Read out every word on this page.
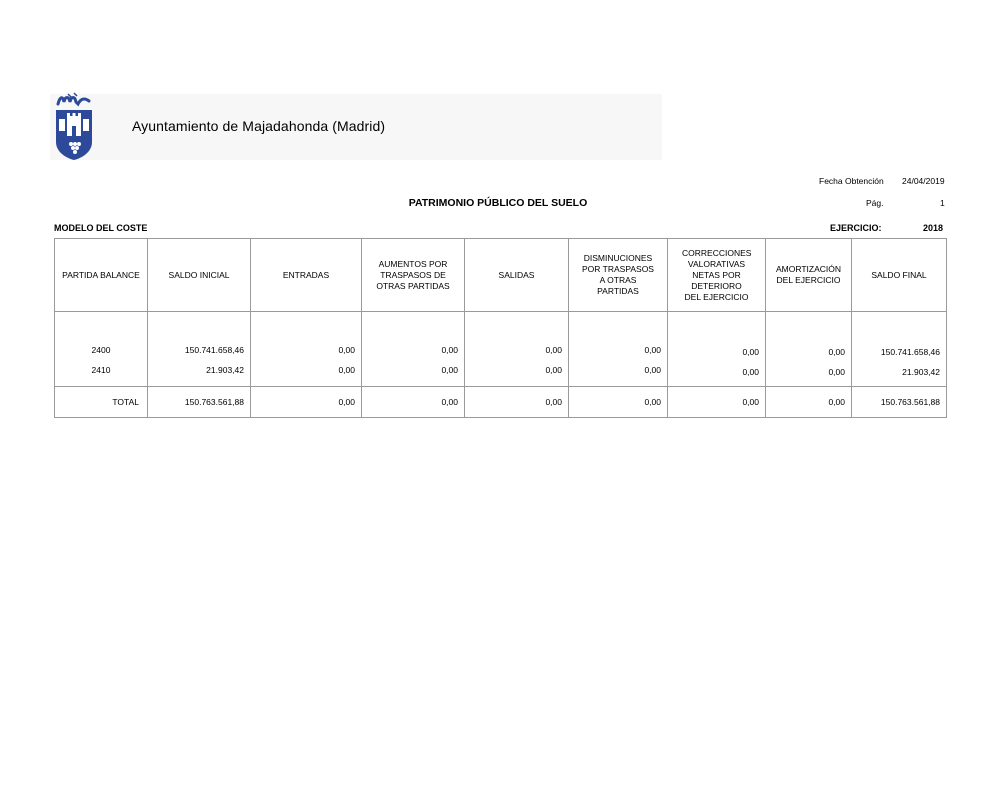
Ayuntamiento de Majadahonda (Madrid)
Fecha Obtención 24/04/2019
Pág.	1
PATRIMONIO PÚBLICO DEL SUELO
MODELO DEL COSTE	EJERCICIO:	2018
PARTIDA BALANCE	SALDO INICIAL	ENTRADAS	AUMENTOS POR TRASPASOS DE OTRAS PARTIDAS	SALIDAS	DISMINUCIONES POR TRASPASOS A OTRAS PARTIDAS	CORRECCIONES VALORATIVAS NETAS POR DETERIORO DEL EJERCICIO	AMORTIZACIÓN DEL EJERCICIO	SALDO FINAL
2400	150.741.658,46	0,00	0,00	0,00	0,00	0,00	0,00	150.741.658,46
2410	21.903,42	0,00	0,00	0,00	0,00	0,00	0,00	21.903,42

TOTAL	150.763.561,88	0,00	0,00	0,00	0,00	0,00	0,00	150.763.561,88
